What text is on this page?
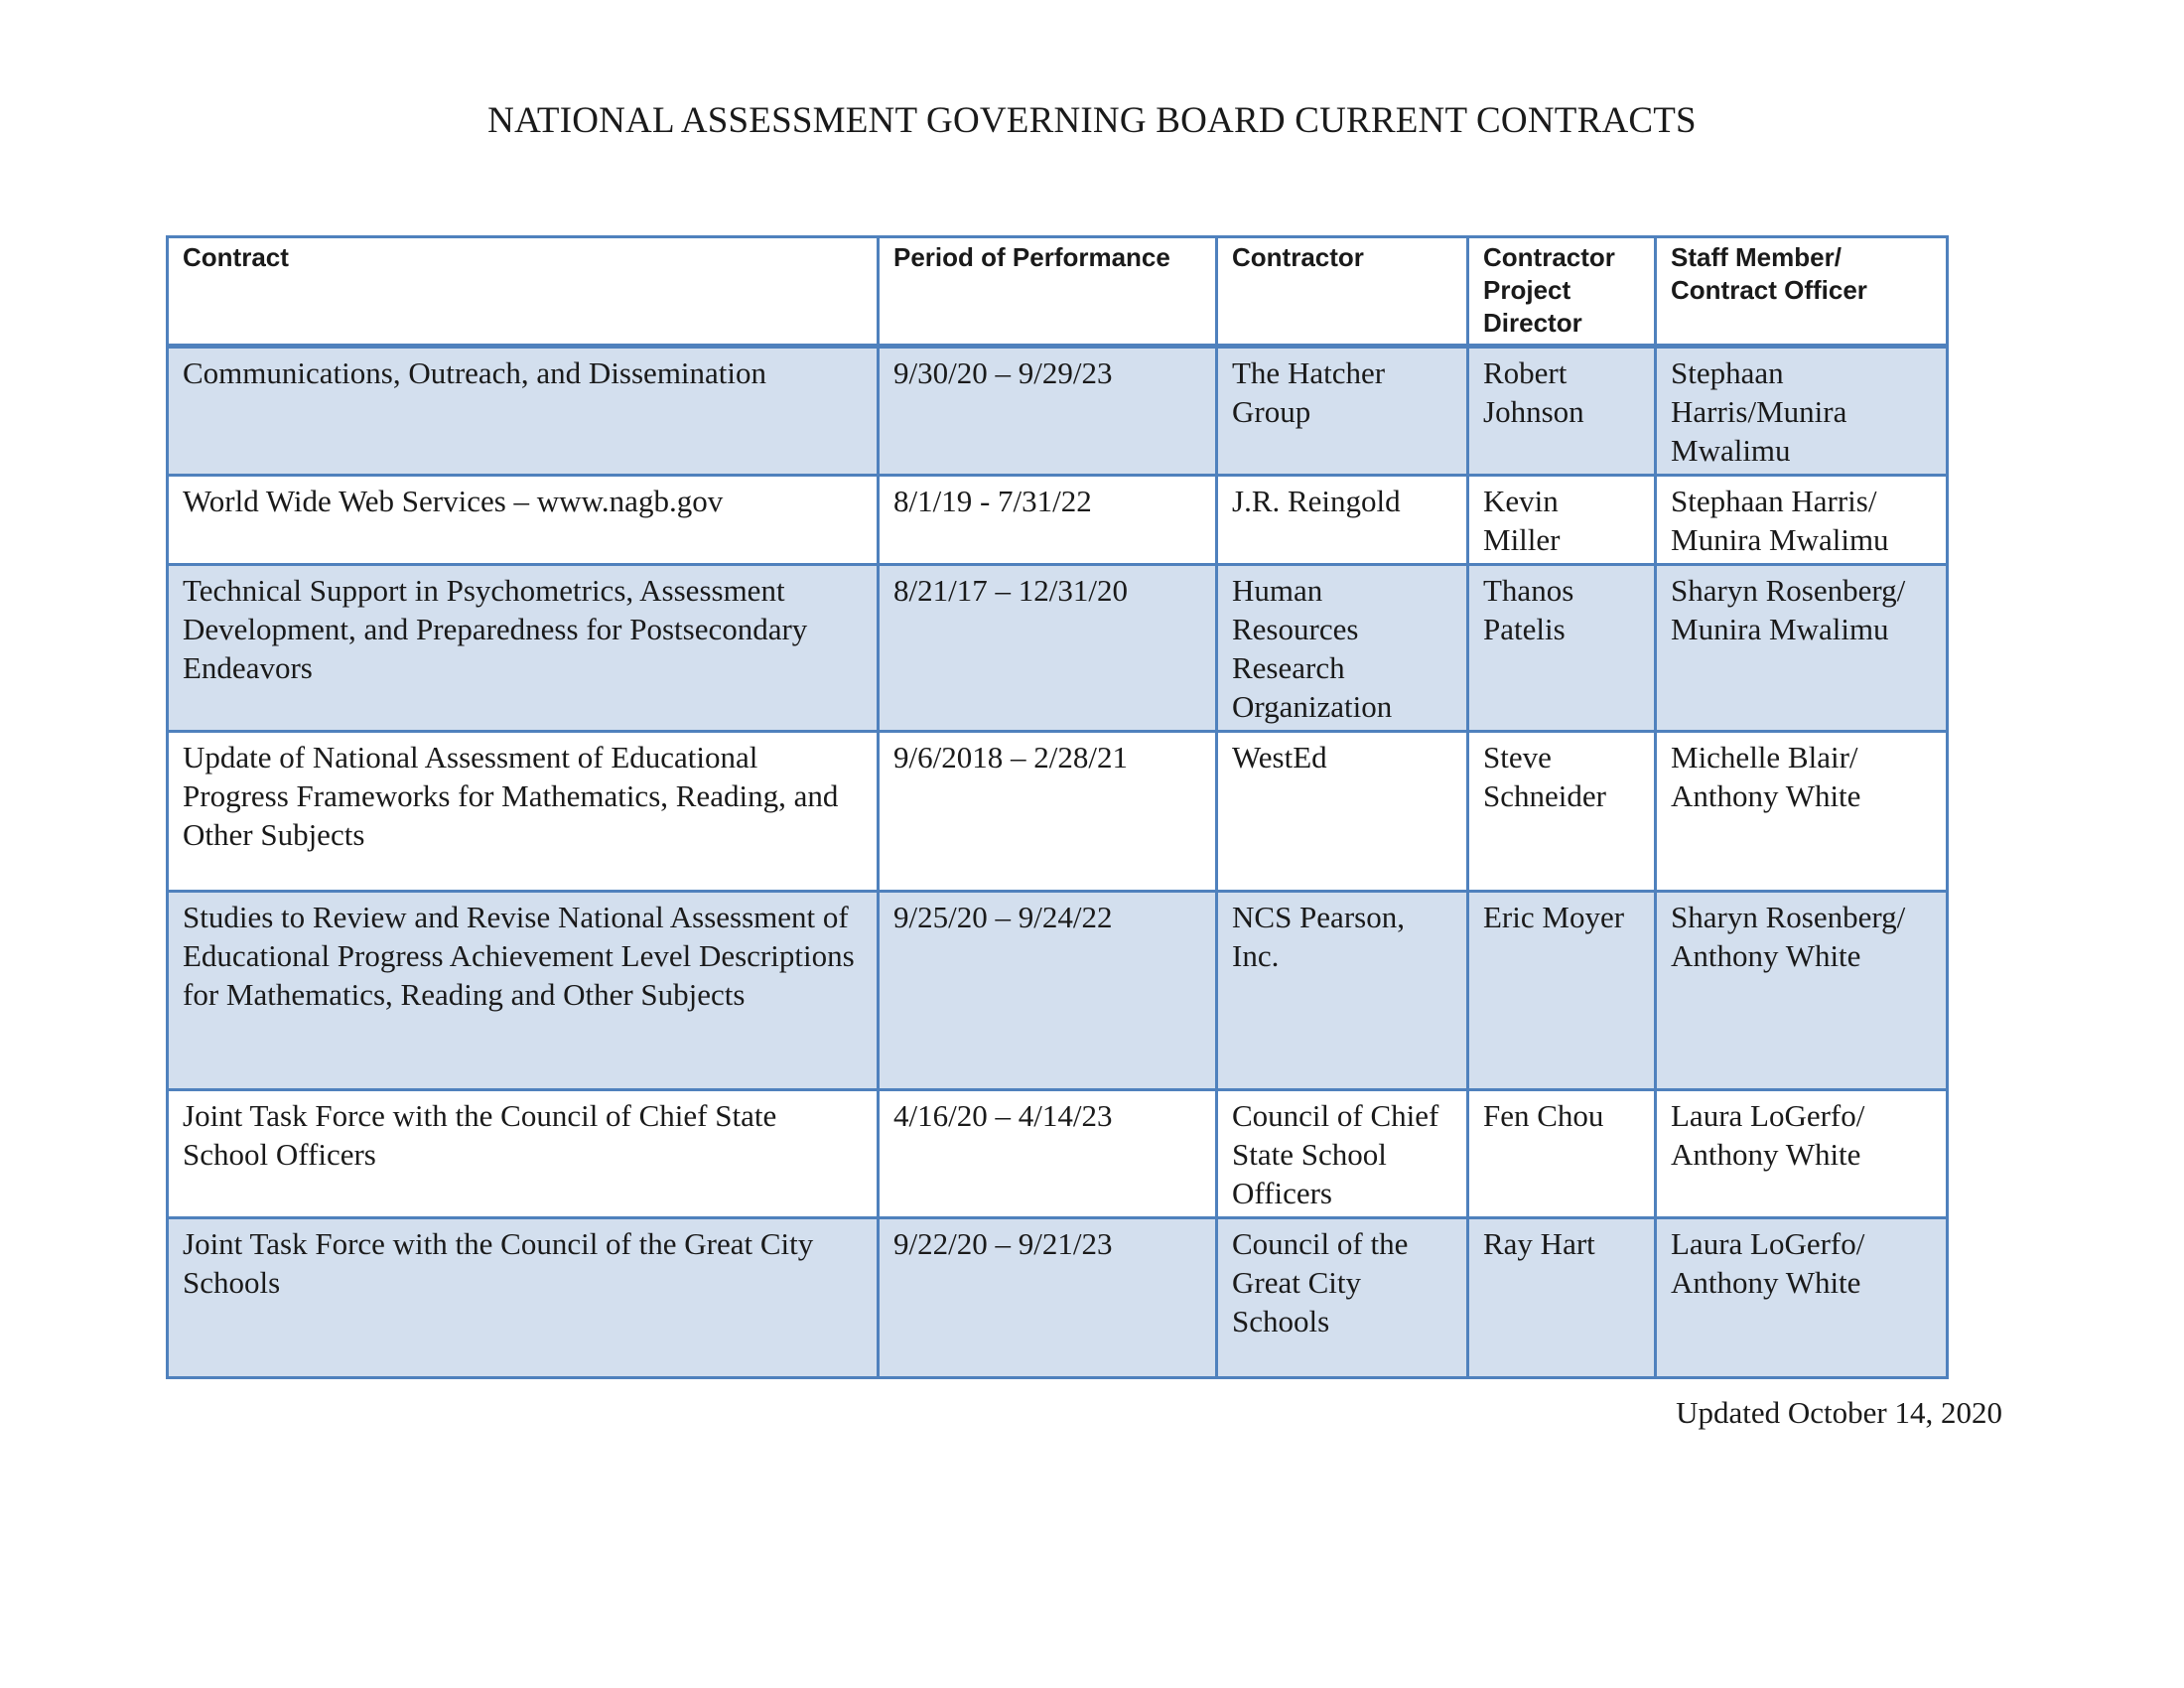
NATIONAL ASSESSMENT GOVERNING BOARD CURRENT CONTRACTS
Contract	Period of Performance	Contractor	Contractor Project Director	Staff Member/ Contract Officer
Communications, Outreach, and Dissemination	9/30/20 – 9/29/23	The Hatcher Group	Robert Johnson	Stephaan Harris/Munira Mwalimu
World Wide Web Services – www.nagb.gov	8/1/19 - 7/31/22	J.R. Reingold	Kevin Miller	Stephaan Harris/ Munira Mwalimu
Technical Support in Psychometrics, Assessment Development, and Preparedness for Postsecondary Endeavors	8/21/17 – 12/31/20	Human Resources Research Organization	Thanos Patelis	Sharyn Rosenberg/ Munira Mwalimu
Update of National Assessment of Educational Progress Frameworks for Mathematics, Reading, and Other Subjects	9/6/2018 – 2/28/21	WestEd	Steve Schneider	Michelle Blair/ Anthony White
Studies to Review and Revise National Assessment of Educational Progress Achievement Level Descriptions for Mathematics, Reading and Other Subjects	9/25/20 – 9/24/22	NCS Pearson, Inc.	Eric Moyer	Sharyn Rosenberg/ Anthony White
Joint Task Force with the Council of Chief State School Officers	4/16/20 – 4/14/23	Council of Chief State School Officers	Fen Chou	Laura LoGerfo/ Anthony White
Joint Task Force with the Council of the Great City Schools	9/22/20 – 9/21/23	Council of the Great City Schools	Ray Hart	Laura LoGerfo/ Anthony White
Updated October 14, 2020
